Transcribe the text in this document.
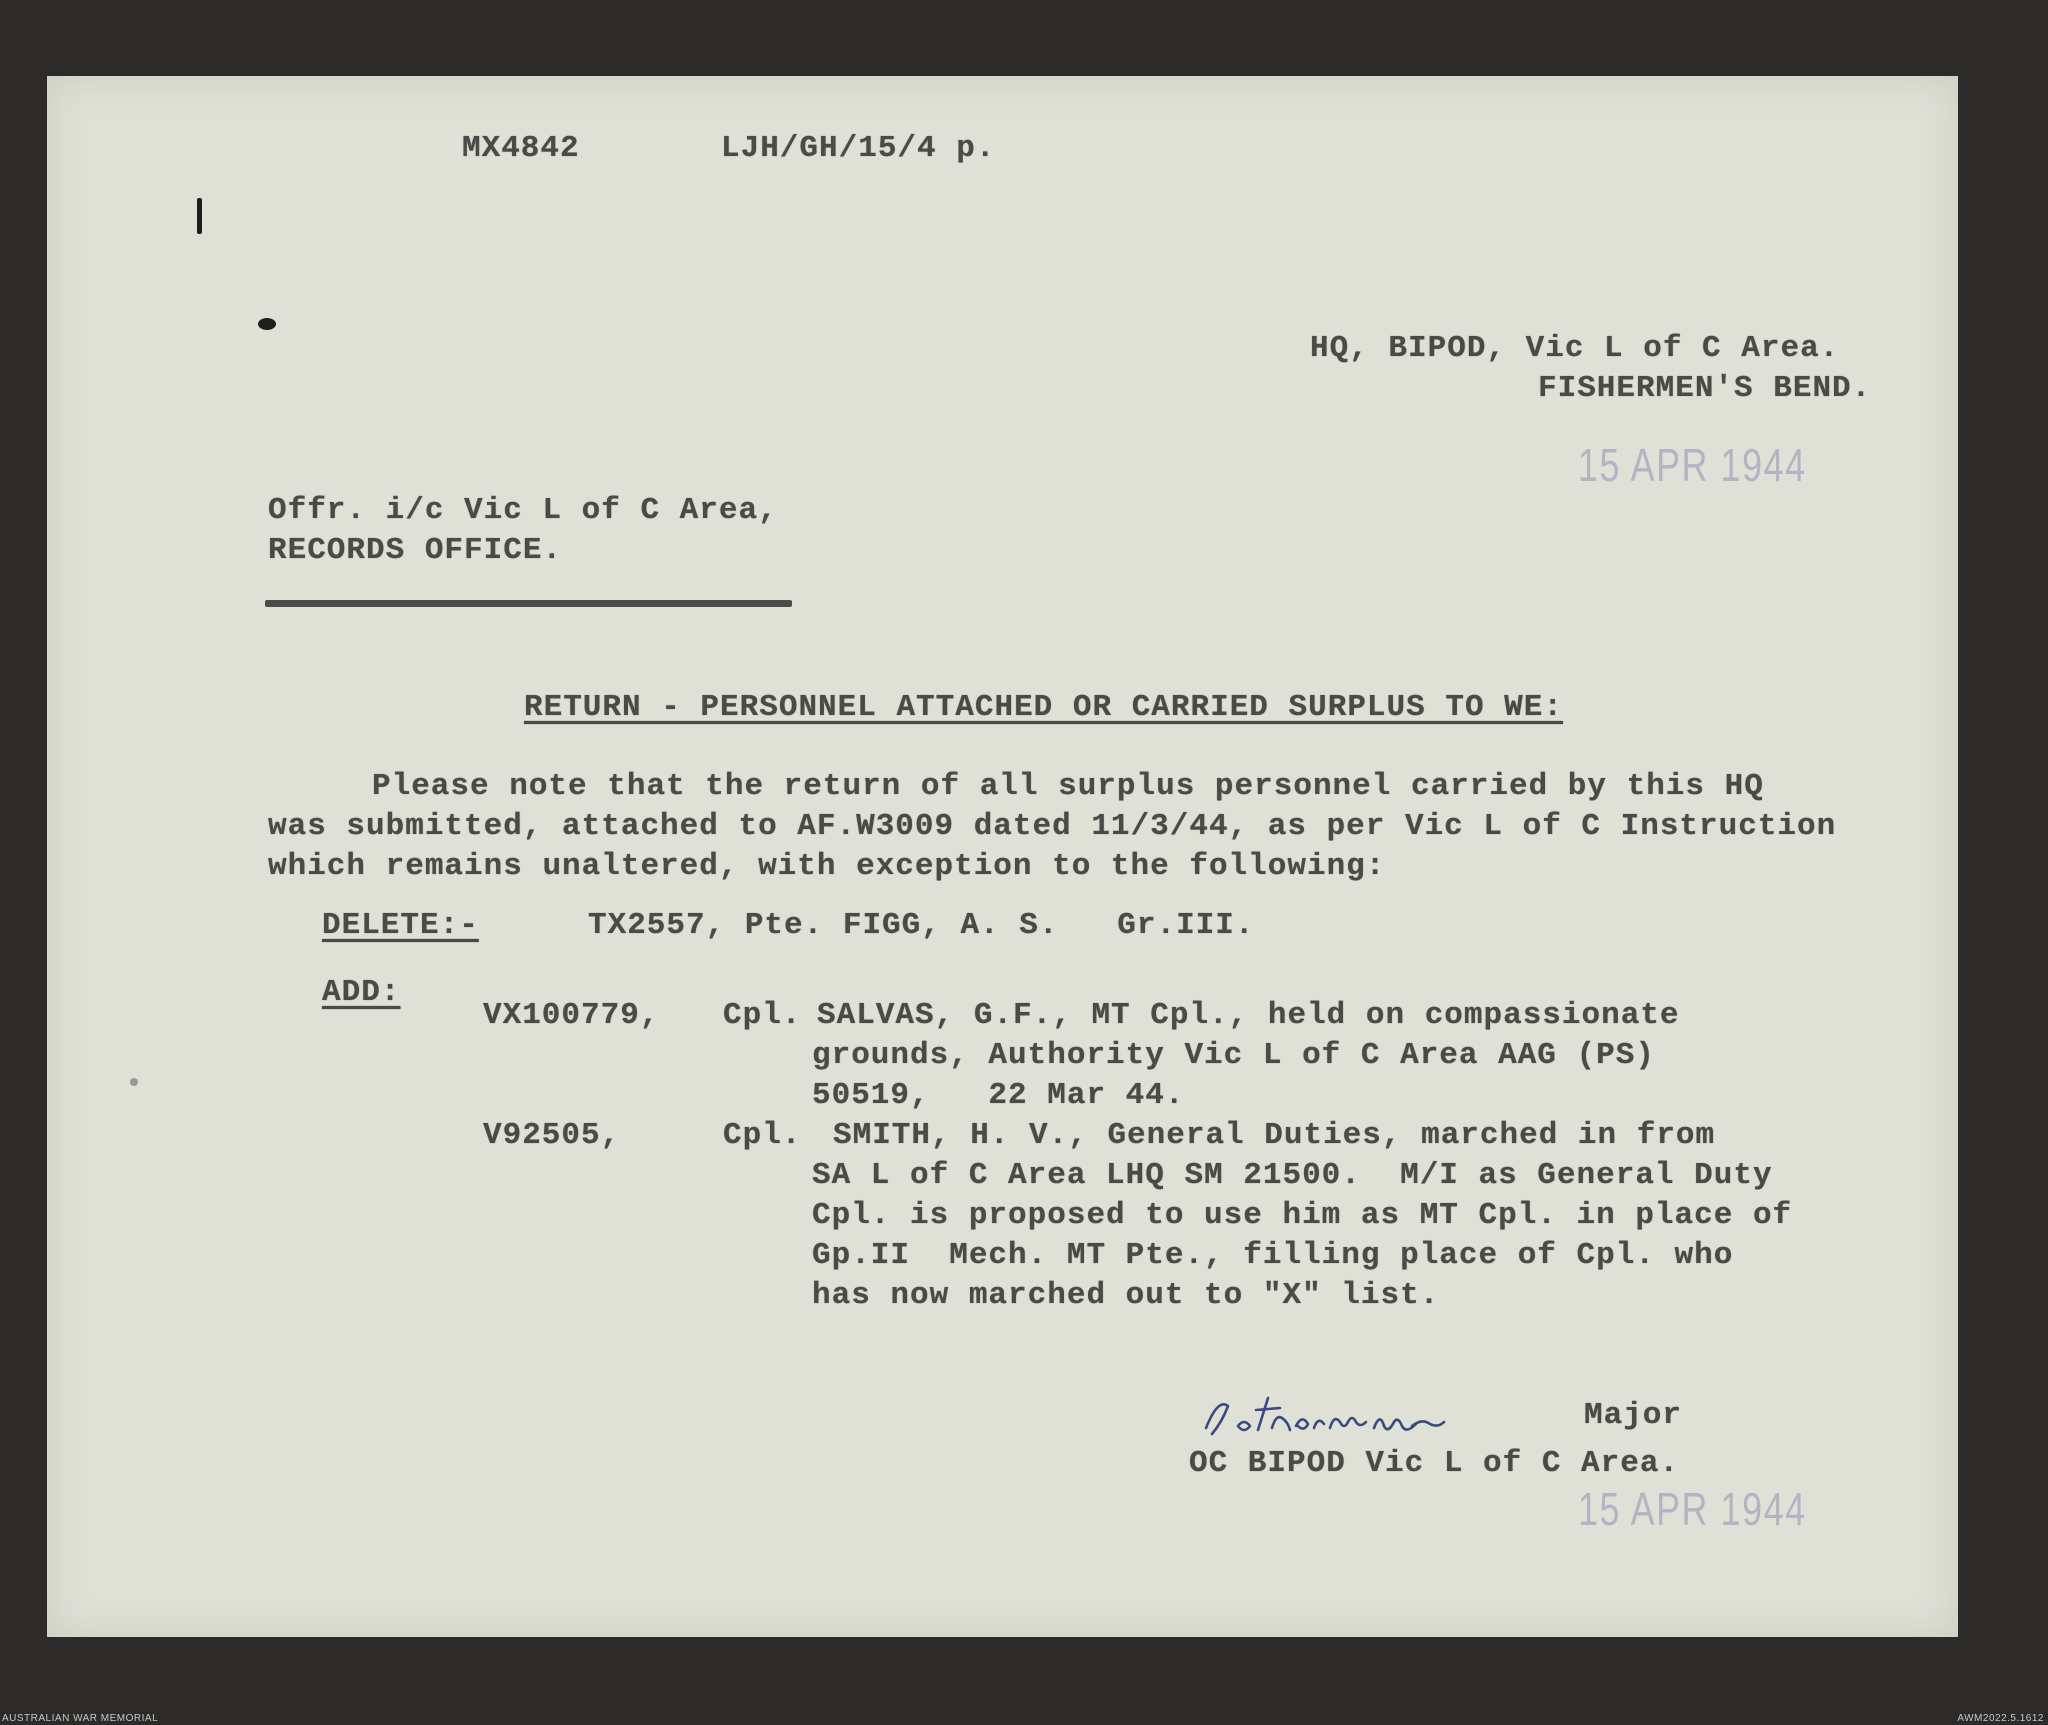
MX4842	LJH/GH/15/4 p.
HQ, BIPOD, Vic L of C Area.
FISHERMEN'S BEND.
15 APR 1944
Offr. i/c Vic L of C Area,
RECORDS OFFICE.
RETURN - PERSONNEL ATTACHED OR CARRIED SURPLUS TO WE:
Please note that the return of all surplus personnel carried by this HQ
was submitted, attached to AF.W3009 dated 11/3/44, as per Vic L of C Instruction
which remains unaltered, with exception to the following:
DELETE:-	TX2557, Pte. FIGG, A. S.   Gr.III.
ADD:
VX100779, Cpl. SALVAS, G.F., MT Cpl., held on compassionate
grounds, Authority Vic L of C Area AAG (PS)
50519,   22 Mar 44.
V92505,	Cpl. SMITH, H. V., General Duties, marched in from
SA L of C Area LHQ SM 21500.  M/I as General Duty
Cpl. is proposed to use him as MT Cpl. in place of
Gp.II  Mech. MT Pte., filling place of Cpl. who
has now marched out to "X" list.
Major
OC BIPOD Vic L of C Area.
15 APR 1944
AUSTRALIAN WAR MEMORIAL	AWM2022.5.1612
